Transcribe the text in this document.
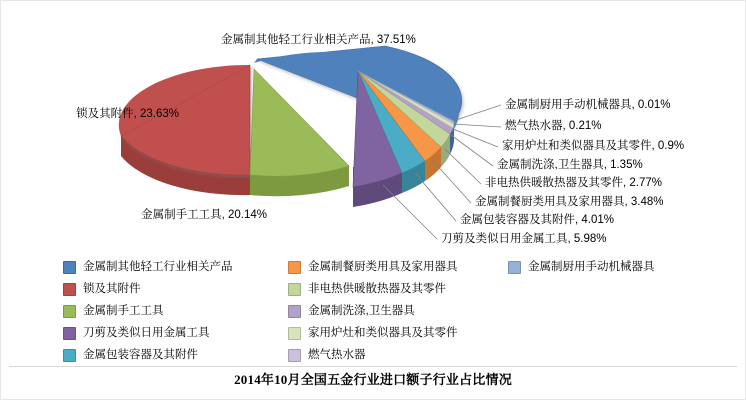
金属制其他轻工行业相关产品, 37.51%
锁及其附件, 23.63%
金属制手工工具, 20.14%
金属制厨用手动机械器具, 0.01%
燃气热水器, 0.21%
家用炉灶和类似器具及其零件, 0.9%
金属制洗涤,卫生器具, 1.35%
非电热供暖散热器及其零件, 2.77%
金属制餐厨类用具及家用器具, 3.48%
金属包装容器及其附件, 4.01%
刀剪及类似日用金属工具, 5.98%
金属制其他轻工行业相关产品	金属制餐厨类用具及家用器具	金属制厨用手动机械器具
锁及其附件	非电热供暖散热器及其零件
金属制手工工具	金属制洗涤,卫生器具
刀剪及类似日用金属工具	家用炉灶和类似器具及其零件
金属包装容器及其附件	燃气热水器
2014年10月全国五金行业进口额子行业占比情况
